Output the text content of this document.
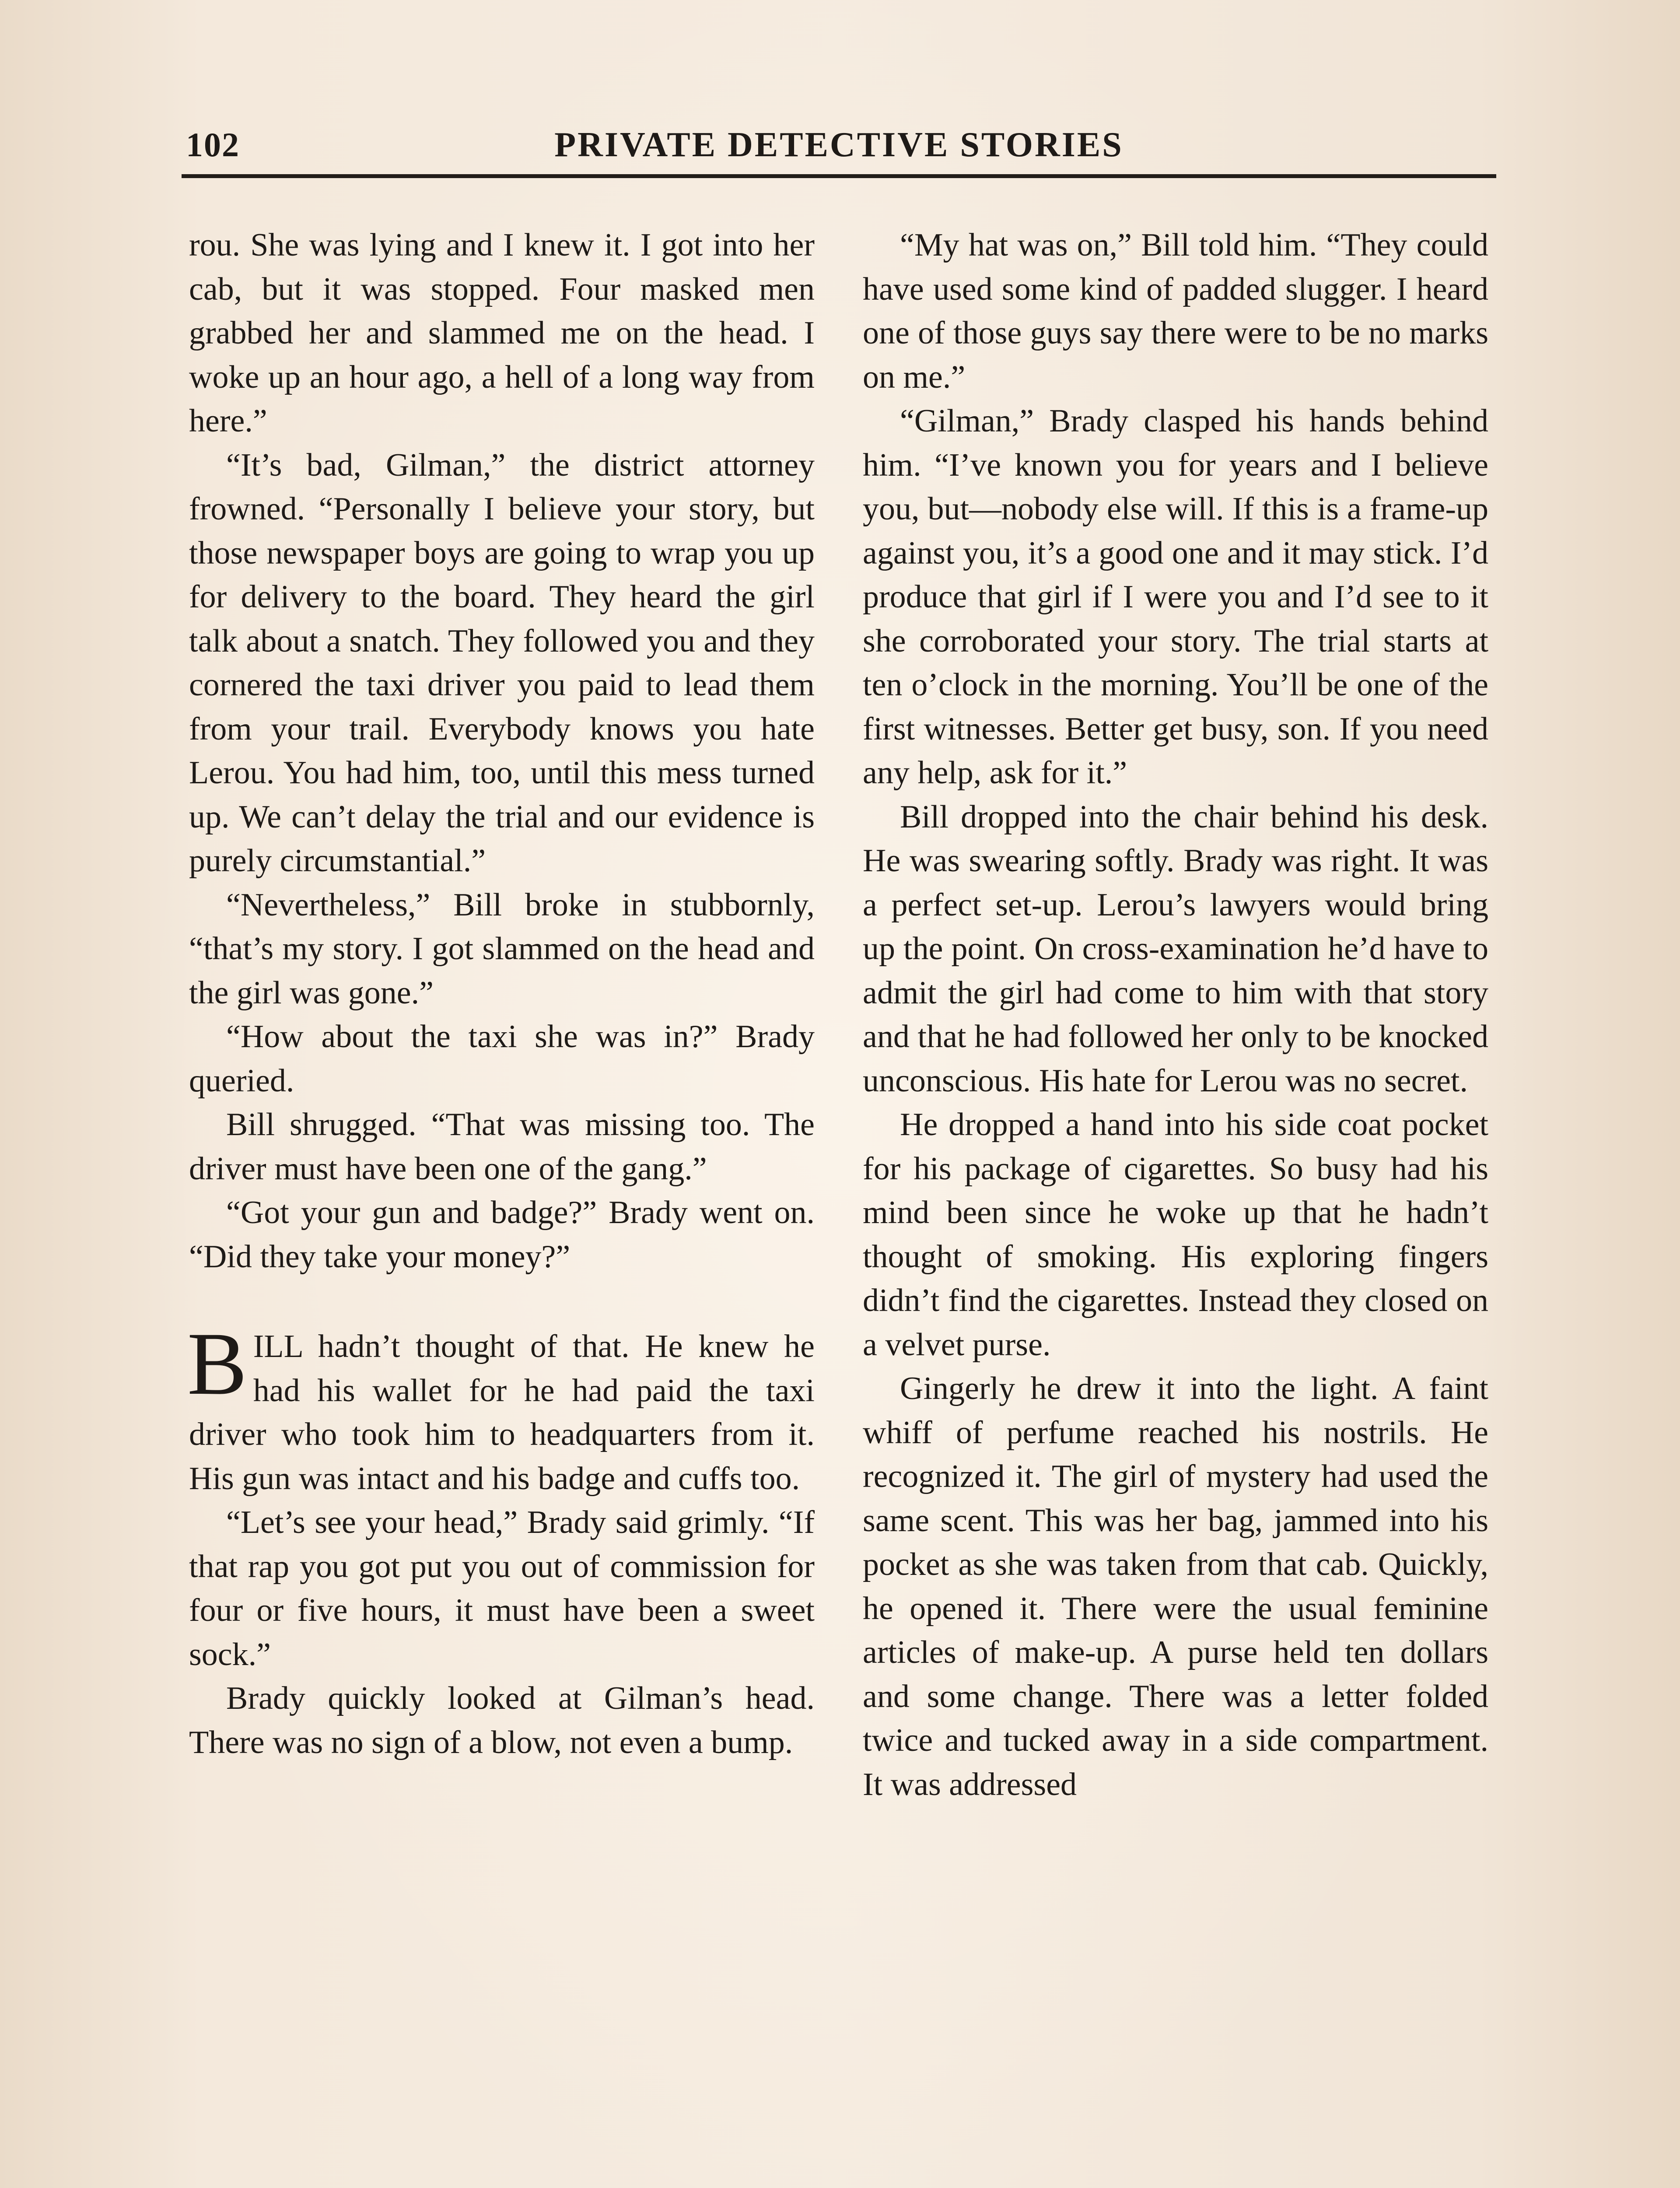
102	PRIVATE DETECTIVE STORIES

rou. She was lying and I knew it. I got into her cab, but it was stopped. Four masked men grabbed her and slammed me on the head. I woke up an hour ago, a hell of a long way from here.”

“It’s bad, Gilman,” the district attorney frowned. “Personally I believe your story, but those newspaper boys are going to wrap you up for delivery to the board. They heard the girl talk about a snatch. They followed you and they cornered the taxi driver you paid to lead them from your trail. Everybody knows you hate Lerou. You had him, too, until this mess turned up. We can’t delay the trial and our evidence is purely circumstantial.”

“Nevertheless,” Bill broke in stubbornly, “that’s my story. I got slammed on the head and the girl was gone.”

“How about the taxi she was in?” Brady queried.

Bill shrugged. “That was missing too. The driver must have been one of the gang.”

“Got your gun and badge?” Brady went on. “Did they take your money?”

BILL hadn’t thought of that. He knew he had his wallet for he had paid the taxi driver who took him to headquarters from it. His gun was intact and his badge and cuffs too.

“Let’s see your head,” Brady said grimly. “If that rap you got put you out of commission for four or five hours, it must have been a sweet sock.”

Brady quickly looked at Gilman’s head. There was no sign of a blow, not even a bump.

“My hat was on,” Bill told him. “They could have used some kind of padded slugger. I heard one of those guys say there were to be no marks on me.”

“Gilman,” Brady clasped his hands behind him. “I’ve known you for years and I believe you, but—nobody else will. If this is a frame-up against you, it’s a good one and it may stick. I’d produce that girl if I were you and I’d see to it she corroborated your story. The trial starts at ten o’clock in the morning. You’ll be one of the first witnesses. Better get busy, son. If you need any help, ask for it.”

Bill dropped into the chair behind his desk. He was swearing softly. Brady was right. It was a perfect set-up. Lerou’s lawyers would bring up the point. On cross-examination he’d have to admit the girl had come to him with that story and that he had followed her only to be knocked unconscious. His hate for Lerou was no secret.

He dropped a hand into his side coat pocket for his package of cigarettes. So busy had his mind been since he woke up that he hadn’t thought of smoking. His exploring fingers didn’t find the cigarettes. Instead they closed on a velvet purse.

Gingerly he drew it into the light. A faint whiff of perfume reached his nostrils. He recognized it. The girl of mystery had used the same scent. This was her bag, jammed into his pocket as she was taken from that cab. Quickly, he opened it. There were the usual feminine articles of make-up. A purse held ten dollars and some change. There was a letter folded twice and tucked away in a side compartment. It was addressed
